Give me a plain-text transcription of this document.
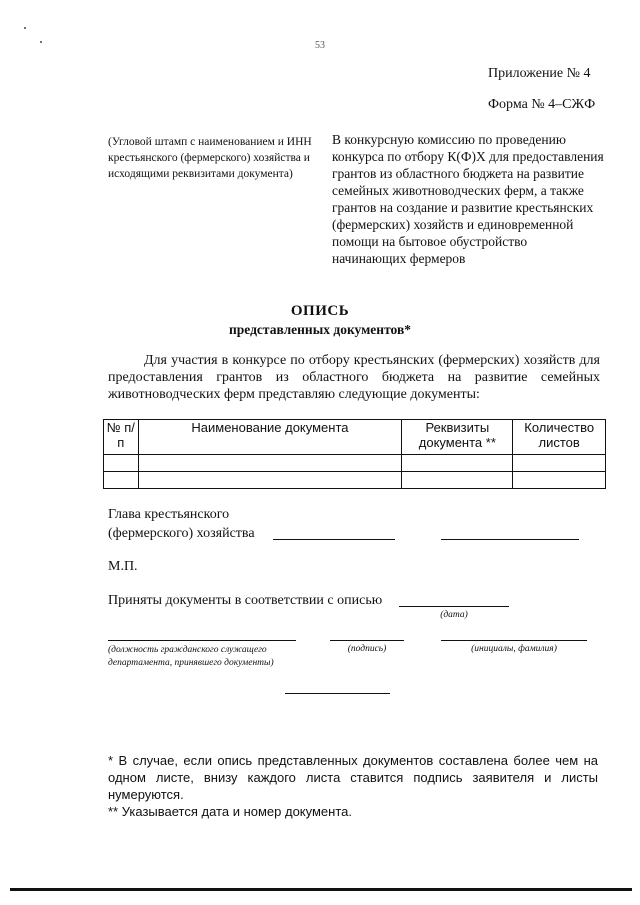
53
Приложение № 4
Форма № 4–СЖФ
(Угловой штамп с наименованием и ИНН крестьянского (фермерского) хозяйства и исходящими реквизитами документа)
В конкурсную комиссию по проведению конкурса по отбору К(Ф)Х для предоставления грантов из областного бюджета на развитие семейных животноводческих ферм, а также грантов на создание и развитие крестьянских (фермерских) хозяйств и единовременной помощи на бытовое обустройство начинающих фермеров
ОПИСЬ
представленных документов*
Для участия в конкурсе по отбору крестьянских (фермерских) хозяйств для предоставления грантов из областного бюджета на развитие семейных животноводческих ферм представляю следующие документы:
№ п/п	Наименование документа	Реквизиты документа **	Количество листов

Глава крестьянского
(фермерского) хозяйства
М.П.
Приняты документы в соответствии с описью
(дата)
(должность гражданского служащего департамента, принявшего документы)
(подпись)	(инициалы, фамилия)

* В случае, если опись представленных документов составлена более чем на одном листе, внизу каждого листа ставится подпись заявителя и листы нумеруются.

** Указывается дата и номер документа.
